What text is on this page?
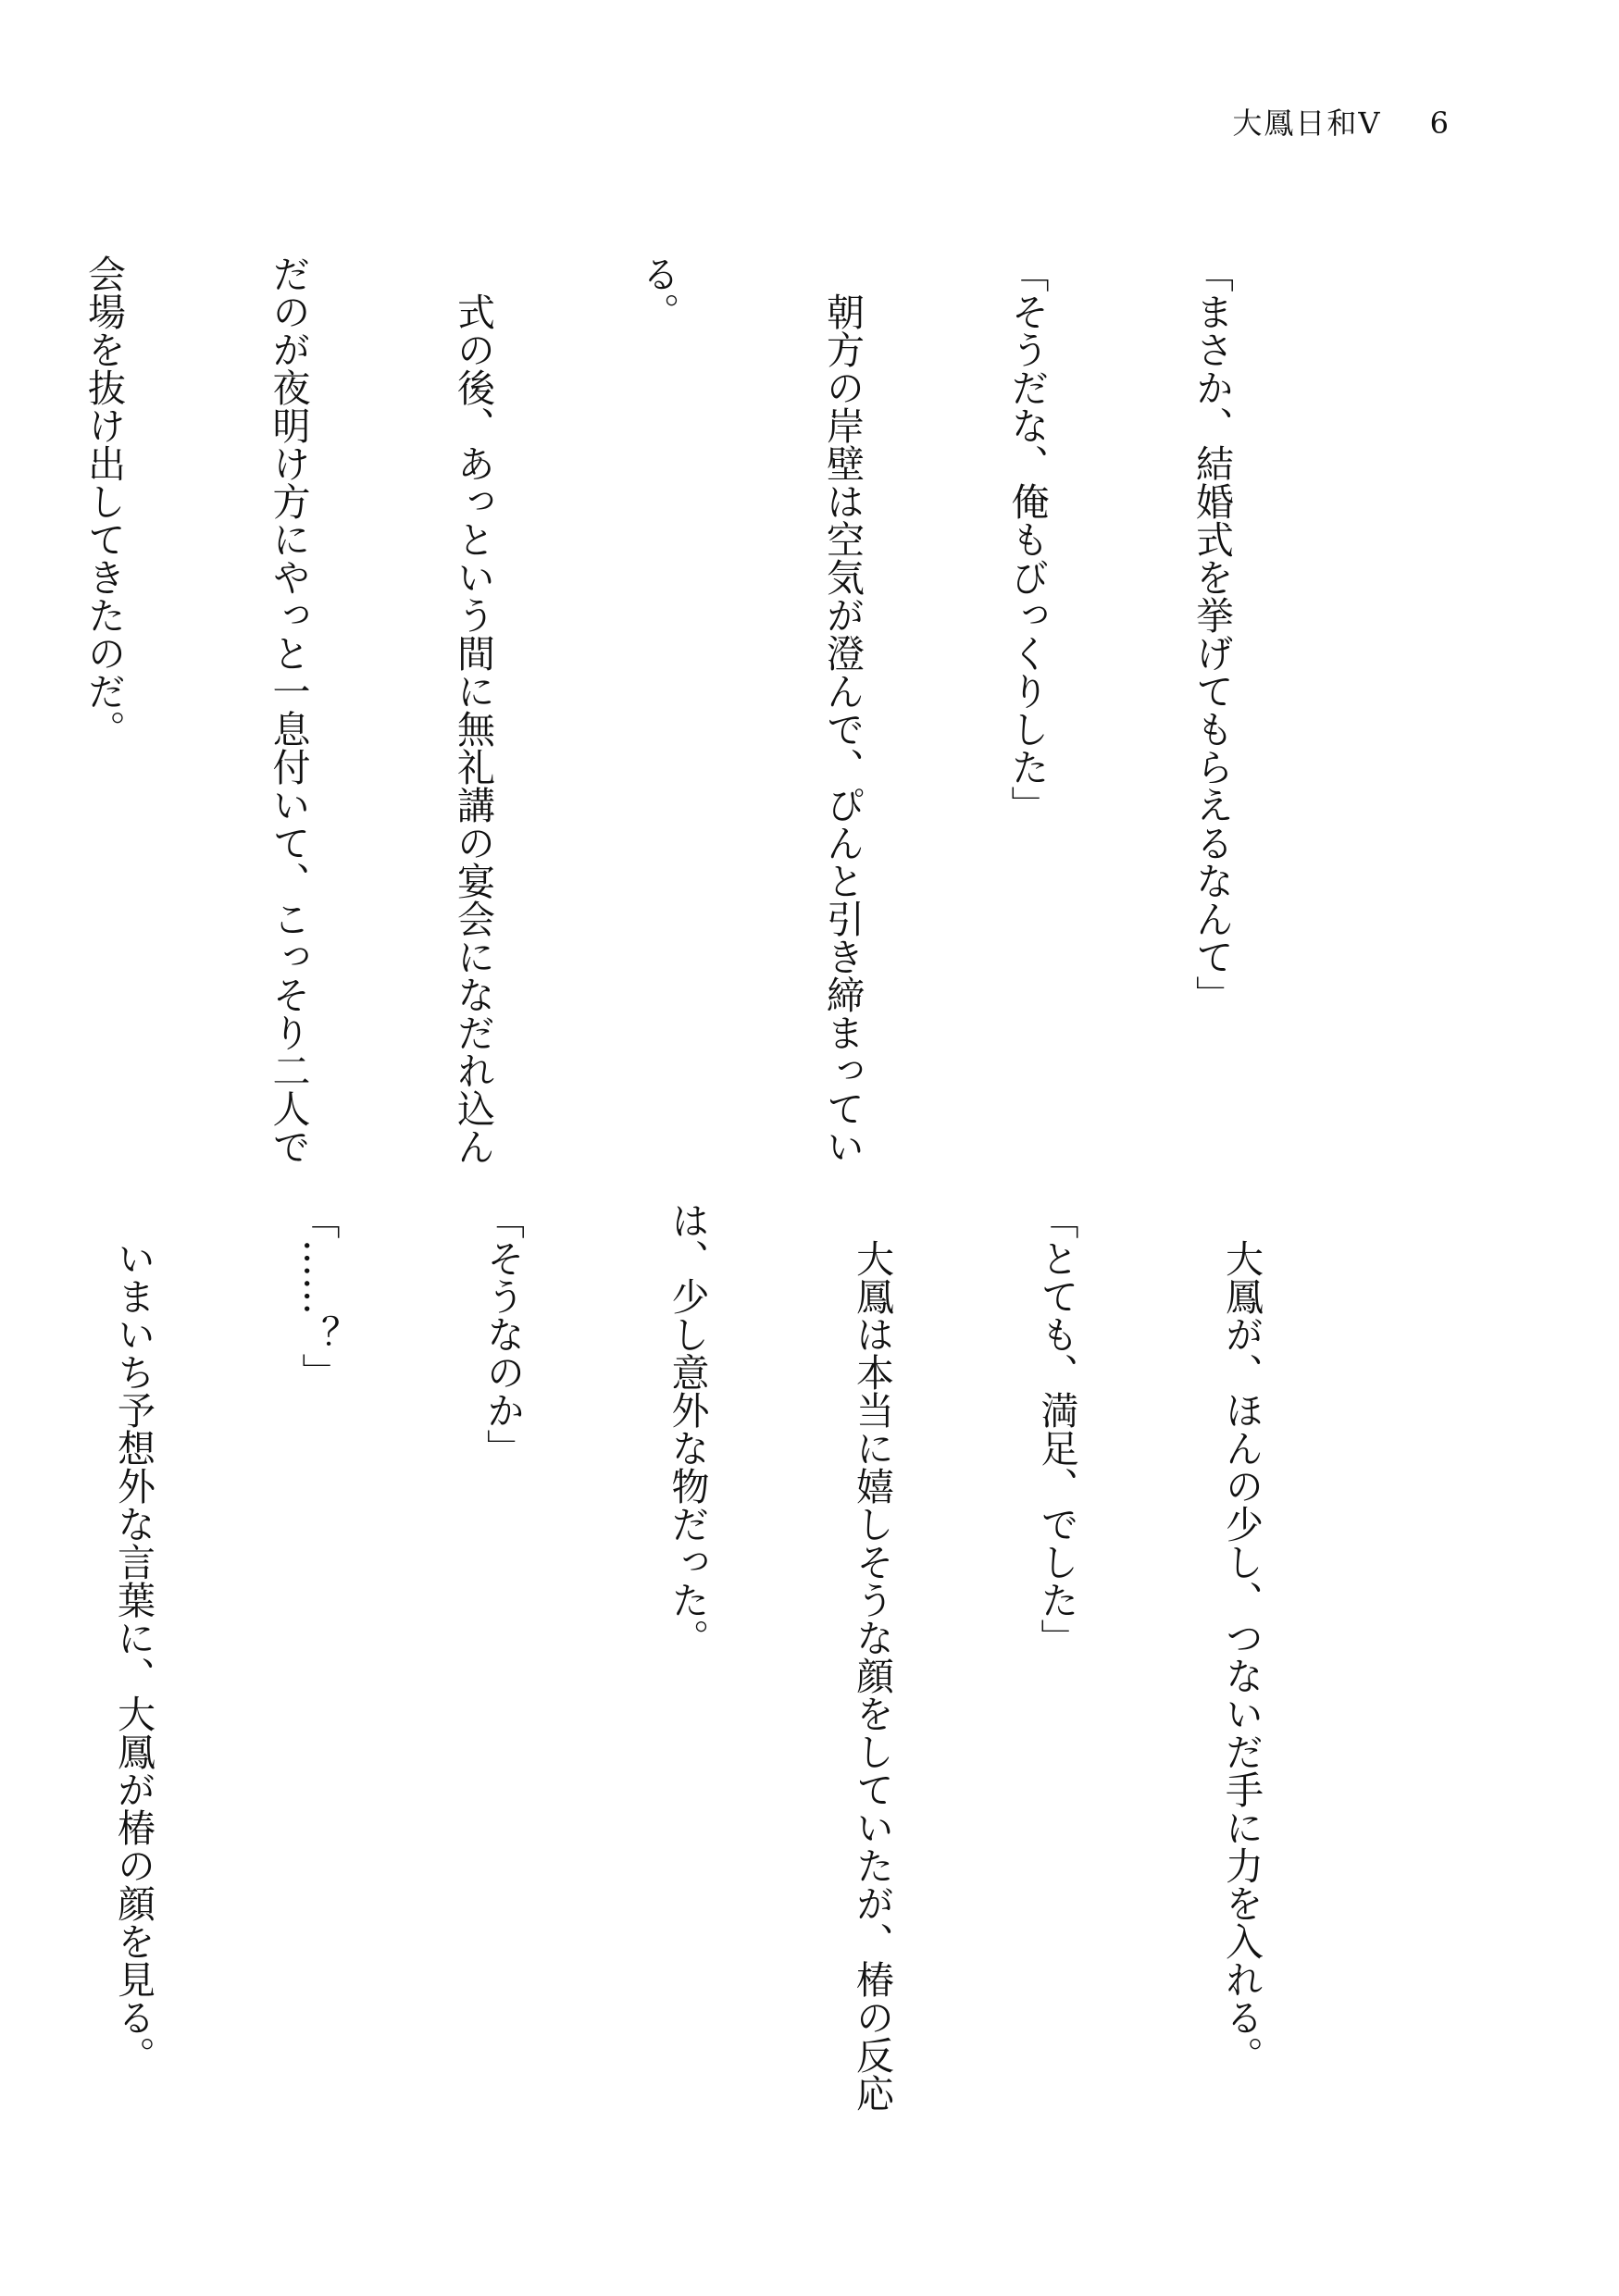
大鳳日和Ⅴ 6

「まさか、結婚式を挙げてもらえるなんて」

「そうだな、俺もびっくりした」

　朝方の岸壁は空気が澄んで、ぴんと引き締まってい

る。

　式の後、あっという間に無礼講の宴会になだれ込ん

だのが夜明け方にやっと一息付いて、こっそり二人で

会場を抜け出してきたのだ。

　大鳳が、ほんの少し、つないだ手に力を入れる。

「とても、満足、でした」

　大鳳は本当に嬉しそうな顔をしていたが、椿の反応

は、少し意外な物だった。

「そうなのか」

「……？」

　いまいち予想外な言葉に、大鳳が椿の顔を見る。
